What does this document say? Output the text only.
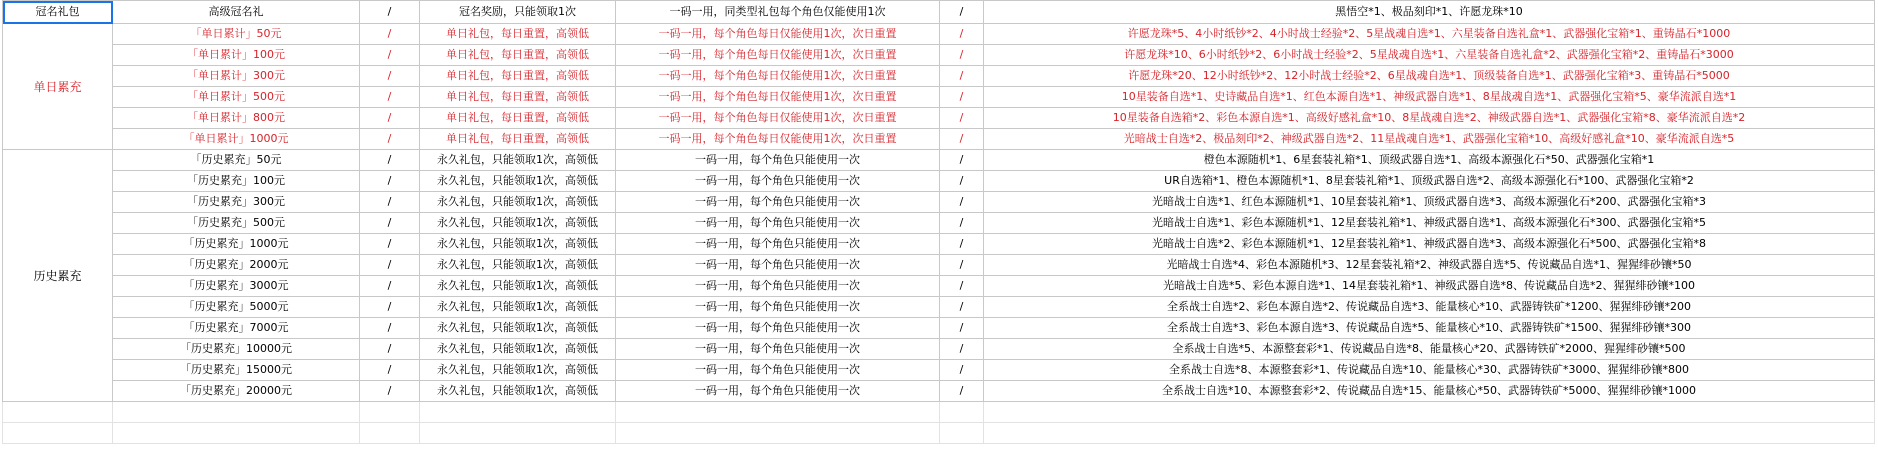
冠名礼包	高级冠名礼	/	冠名奖励，只能领取1次	一码一用，同类型礼包每个角色仅能使用1次	/	黑悟空*1、极品刻印*1、许愿龙珠*10
单日累充	「单日累计」50元	/	单日礼包，每日重置，高领低	一码一用，每个角色每日仅能使用1次，次日重置	/	许愿龙珠*5、4小时纸钞*2、4小时战士经验*2、5星战魂自选*1、六星装备自选礼盒*1、武器强化宝箱*1、重铸晶石*1000
	「单日累计」100元	/	单日礼包，每日重置，高领低	一码一用，每个角色每日仅能使用1次，次日重置	/	许愿龙珠*10、6小时纸钞*2、6小时战士经验*2、5星战魂自选*1、六星装备自选礼盒*2、武器强化宝箱*2、重铸晶石*3000
	「单日累计」300元	/	单日礼包，每日重置，高领低	一码一用，每个角色每日仅能使用1次，次日重置	/	许愿龙珠*20、12小时纸钞*2、12小时战士经验*2、6星战魂自选*1、顶级装备自选*1、武器强化宝箱*3、重铸晶石*5000
	「单日累计」500元	/	单日礼包，每日重置，高领低	一码一用，每个角色每日仅能使用1次，次日重置	/	10星装备自选*1、史诗藏品自选*1、红色本源自选*1、神级武器自选*1、8星战魂自选*1、武器强化宝箱*5、豪华流派自选*1
	「单日累计」800元	/	单日礼包，每日重置，高领低	一码一用，每个角色每日仅能使用1次，次日重置	/	10星装备自选箱*2、彩色本源自选*1、高级好感礼盒*10、8星战魂自选*2、神级武器自选*1、武器强化宝箱*8、豪华流派自选*2
	「单日累计」1000元	/	单日礼包，每日重置，高领低	一码一用，每个角色每日仅能使用1次，次日重置	/	光暗战士自选*2、极品刻印*2、神级武器自选*2、11星战魂自选*1、武器强化宝箱*10、高级好感礼盒*10、豪华流派自选*5
历史累充	「历史累充」50元	/	永久礼包，只能领取1次，高领低	一码一用，每个角色只能使用一次	/	橙色本源随机*1、6星套装礼箱*1、顶级武器自选*1、高级本源强化石*50、武器强化宝箱*1
	「历史累充」100元	/	永久礼包，只能领取1次，高领低	一码一用，每个角色只能使用一次	/	UR自选箱*1、橙色本源随机*1、8星套装礼箱*1、顶级武器自选*2、高级本源强化石*100、武器强化宝箱*2
	「历史累充」300元	/	永久礼包，只能领取1次，高领低	一码一用，每个角色只能使用一次	/	光暗战士自选*1、红色本源随机*1、10星套装礼箱*1、顶级武器自选*3、高级本源强化石*200、武器强化宝箱*3
	「历史累充」500元	/	永久礼包，只能领取1次，高领低	一码一用，每个角色只能使用一次	/	光暗战士自选*1、彩色本源随机*1、12星套装礼箱*1、神级武器自选*1、高级本源强化石*300、武器强化宝箱*5
	「历史累充」1000元	/	永久礼包，只能领取1次，高领低	一码一用，每个角色只能使用一次	/	光暗战士自选*2、彩色本源随机*1、12星套装礼箱*1、神级武器自选*3、高级本源强化石*500、武器强化宝箱*8
	「历史累充」2000元	/	永久礼包，只能领取1次，高领低	一码一用，每个角色只能使用一次	/	光暗战士自选*4、彩色本源随机*3、12星套装礼箱*2、神级武器自选*5、传说藏品自选*1、猩猩绯砂镶*50
	「历史累充」3000元	/	永久礼包，只能领取1次，高领低	一码一用，每个角色只能使用一次	/	光暗战士自选*5、彩色本源自选*1、14星套装礼箱*1、神级武器自选*8、传说藏品自选*2、猩猩绯砂镶*100
	「历史累充」5000元	/	永久礼包，只能领取1次，高领低	一码一用，每个角色只能使用一次	/	全系战士自选*2、彩色本源自选*2、传说藏品自选*3、能量核心*10、武器铸铁矿*1200、猩猩绯砂镶*200
	「历史累充」7000元	/	永久礼包，只能领取1次，高领低	一码一用，每个角色只能使用一次	/	全系战士自选*3、彩色本源自选*3、传说藏品自选*5、能量核心*10、武器铸铁矿*1500、猩猩绯砂镶*300
	「历史累充」10000元	/	永久礼包，只能领取1次，高领低	一码一用，每个角色只能使用一次	/	全系战士自选*5、本源整套彩*1、传说藏品自选*8、能量核心*20、武器铸铁矿*2000、猩猩绯砂镶*500
	「历史累充」15000元	/	永久礼包，只能领取1次，高领低	一码一用，每个角色只能使用一次	/	全系战士自选*8、本源整套彩*1、传说藏品自选*10、能量核心*30、武器铸铁矿*3000、猩猩绯砂镶*800
	「历史累充」20000元	/	永久礼包，只能领取1次，高领低	一码一用，每个角色只能使用一次	/	全系战士自选*10、本源整套彩*2、传说藏品自选*15、能量核心*50、武器铸铁矿*5000、猩猩绯砂镶*1000
